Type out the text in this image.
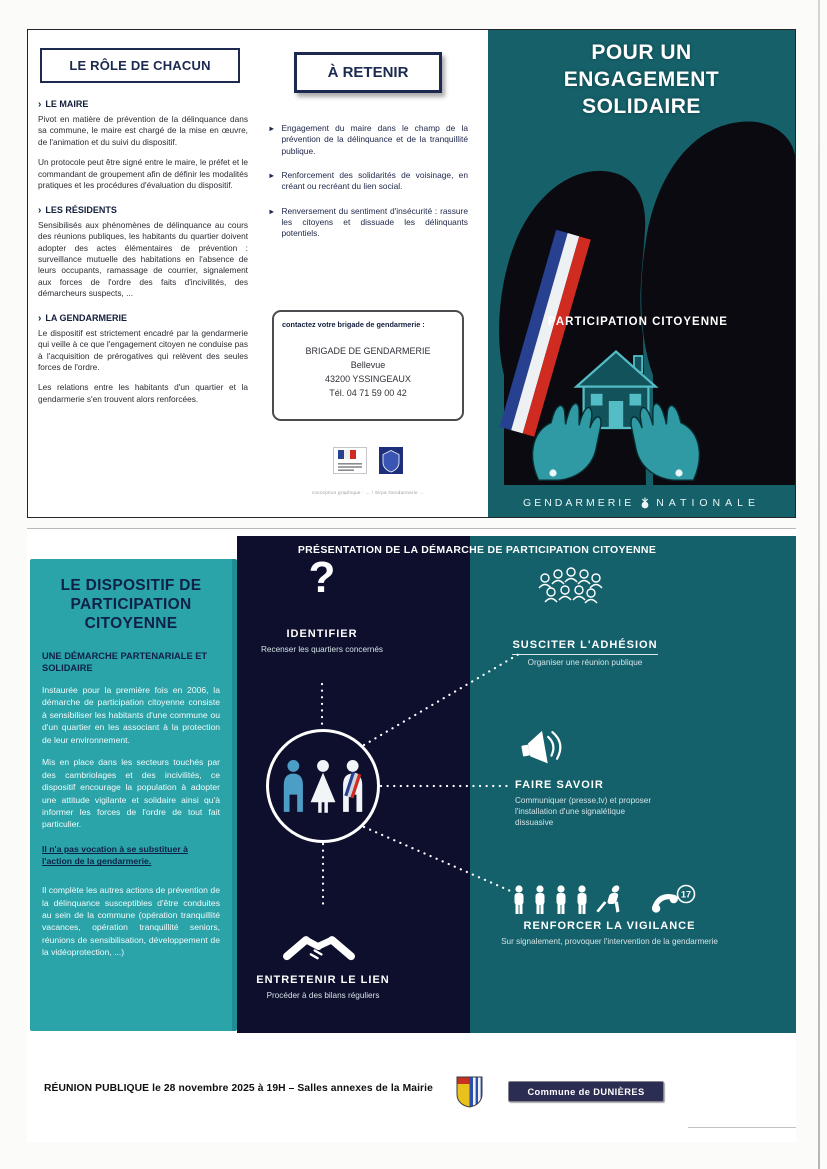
LE RÔLE DE CHACUN
› LE MAIRE

Pivot en matière de prévention de la délinquance dans sa commune, le maire est chargé de la mise en œuvre, de l'animation et du suivi du dispositif.

Un protocole peut être signé entre le maire, le préfet et le commandant de groupement afin de définir les modalités pratiques et les procédures d'évaluation du dispositif.

› LES RÉSIDENTS

Sensibilisés aux phénomènes de délinquance au cours des réunions publiques, les habitants du quartier doivent adopter des actes élémentaires de prévention : surveillance mutuelle des habitations en l'absence de leurs occupants, ramassage de courrier, signalement aux forces de l'ordre des faits d'incivilités, des démarcheurs suspects, ...

› LA GENDARMERIE

Le dispositif est strictement encadré par la gendarmerie qui veille à ce que l'engagement citoyen ne conduise pas à l'acquisition de prérogatives qui relèvent des seules forces de l'ordre.

Les relations entre les habitants d'un quartier et la gendarmerie s'en trouvent alors renforcées.

À RETENIR
► Engagement du maire dans le champ de la prévention de la délinquance et de la tranquillité publique.
► Renforcement des solidarités de voisinage, en créant ou recréant du lien social.
► Renversement du sentiment d'insécurité : rassure les citoyens et dissuade les délinquants potentiels.
contactez votre brigade de gendarmerie :
BRIGADE DE GENDARMERIE
Bellevue
43200 YSSINGEAUX
Tél. 04 71 59 00 42
conception graphique : … / Sirpa Gendarmerie …
POUR UN
ENGAGEMENT
SOLIDAIRE
PARTICIPATION CITOYENNE
GENDARMERIE NATIONALE
LE DISPOSITIF DE PARTICIPATION CITOYENNE
UNE DÉMARCHE PARTENARIALE ET SOLIDAIRE

Instaurée pour la première fois en 2006, la démarche de participation citoyenne consiste à sensibiliser les habitants d'une commune ou d'un quartier en les associant à la protection de leur environnement.

Mis en place dans les secteurs touchés par des cambriolages et des incivilités, ce dispositif encourage la population à adopter une attitude vigilante et solidaire ainsi qu'à informer les forces de l'ordre de tout fait particulier.

Il n'a pas vocation à se substituer à l'action de la gendarmerie.

Il complète les autres actions de prévention de la délinquance susceptibles d'être conduites au sein de la commune (opération tranquillité vacances, opération tranquillité seniors, réunions de sensibilisation, développement de la vidéoprotection, ...)

PRÉSENTATION DE LA DÉMARCHE DE PARTICIPATION CITOYENNE
?
IDENTIFIER
Recenser les quartiers concernés	SUSCITER L'ADHÉSION
Organiser une réunion publique
FAIRE SAVOIR
Communiquer (presse,tv) et proposer l'installation d'une signalétique dissuasive
17
RENFORCER LA VIGILANCE
Sur signalement, provoquer l'intervention de la gendarmerie
ENTRETENIR LE LIEN
Procéder à des bilans réguliers
RÉUNION PUBLIQUE le 28 novembre 2025 à 19H – Salles annexes de la Mairie	Commune de DUNIÈRES
